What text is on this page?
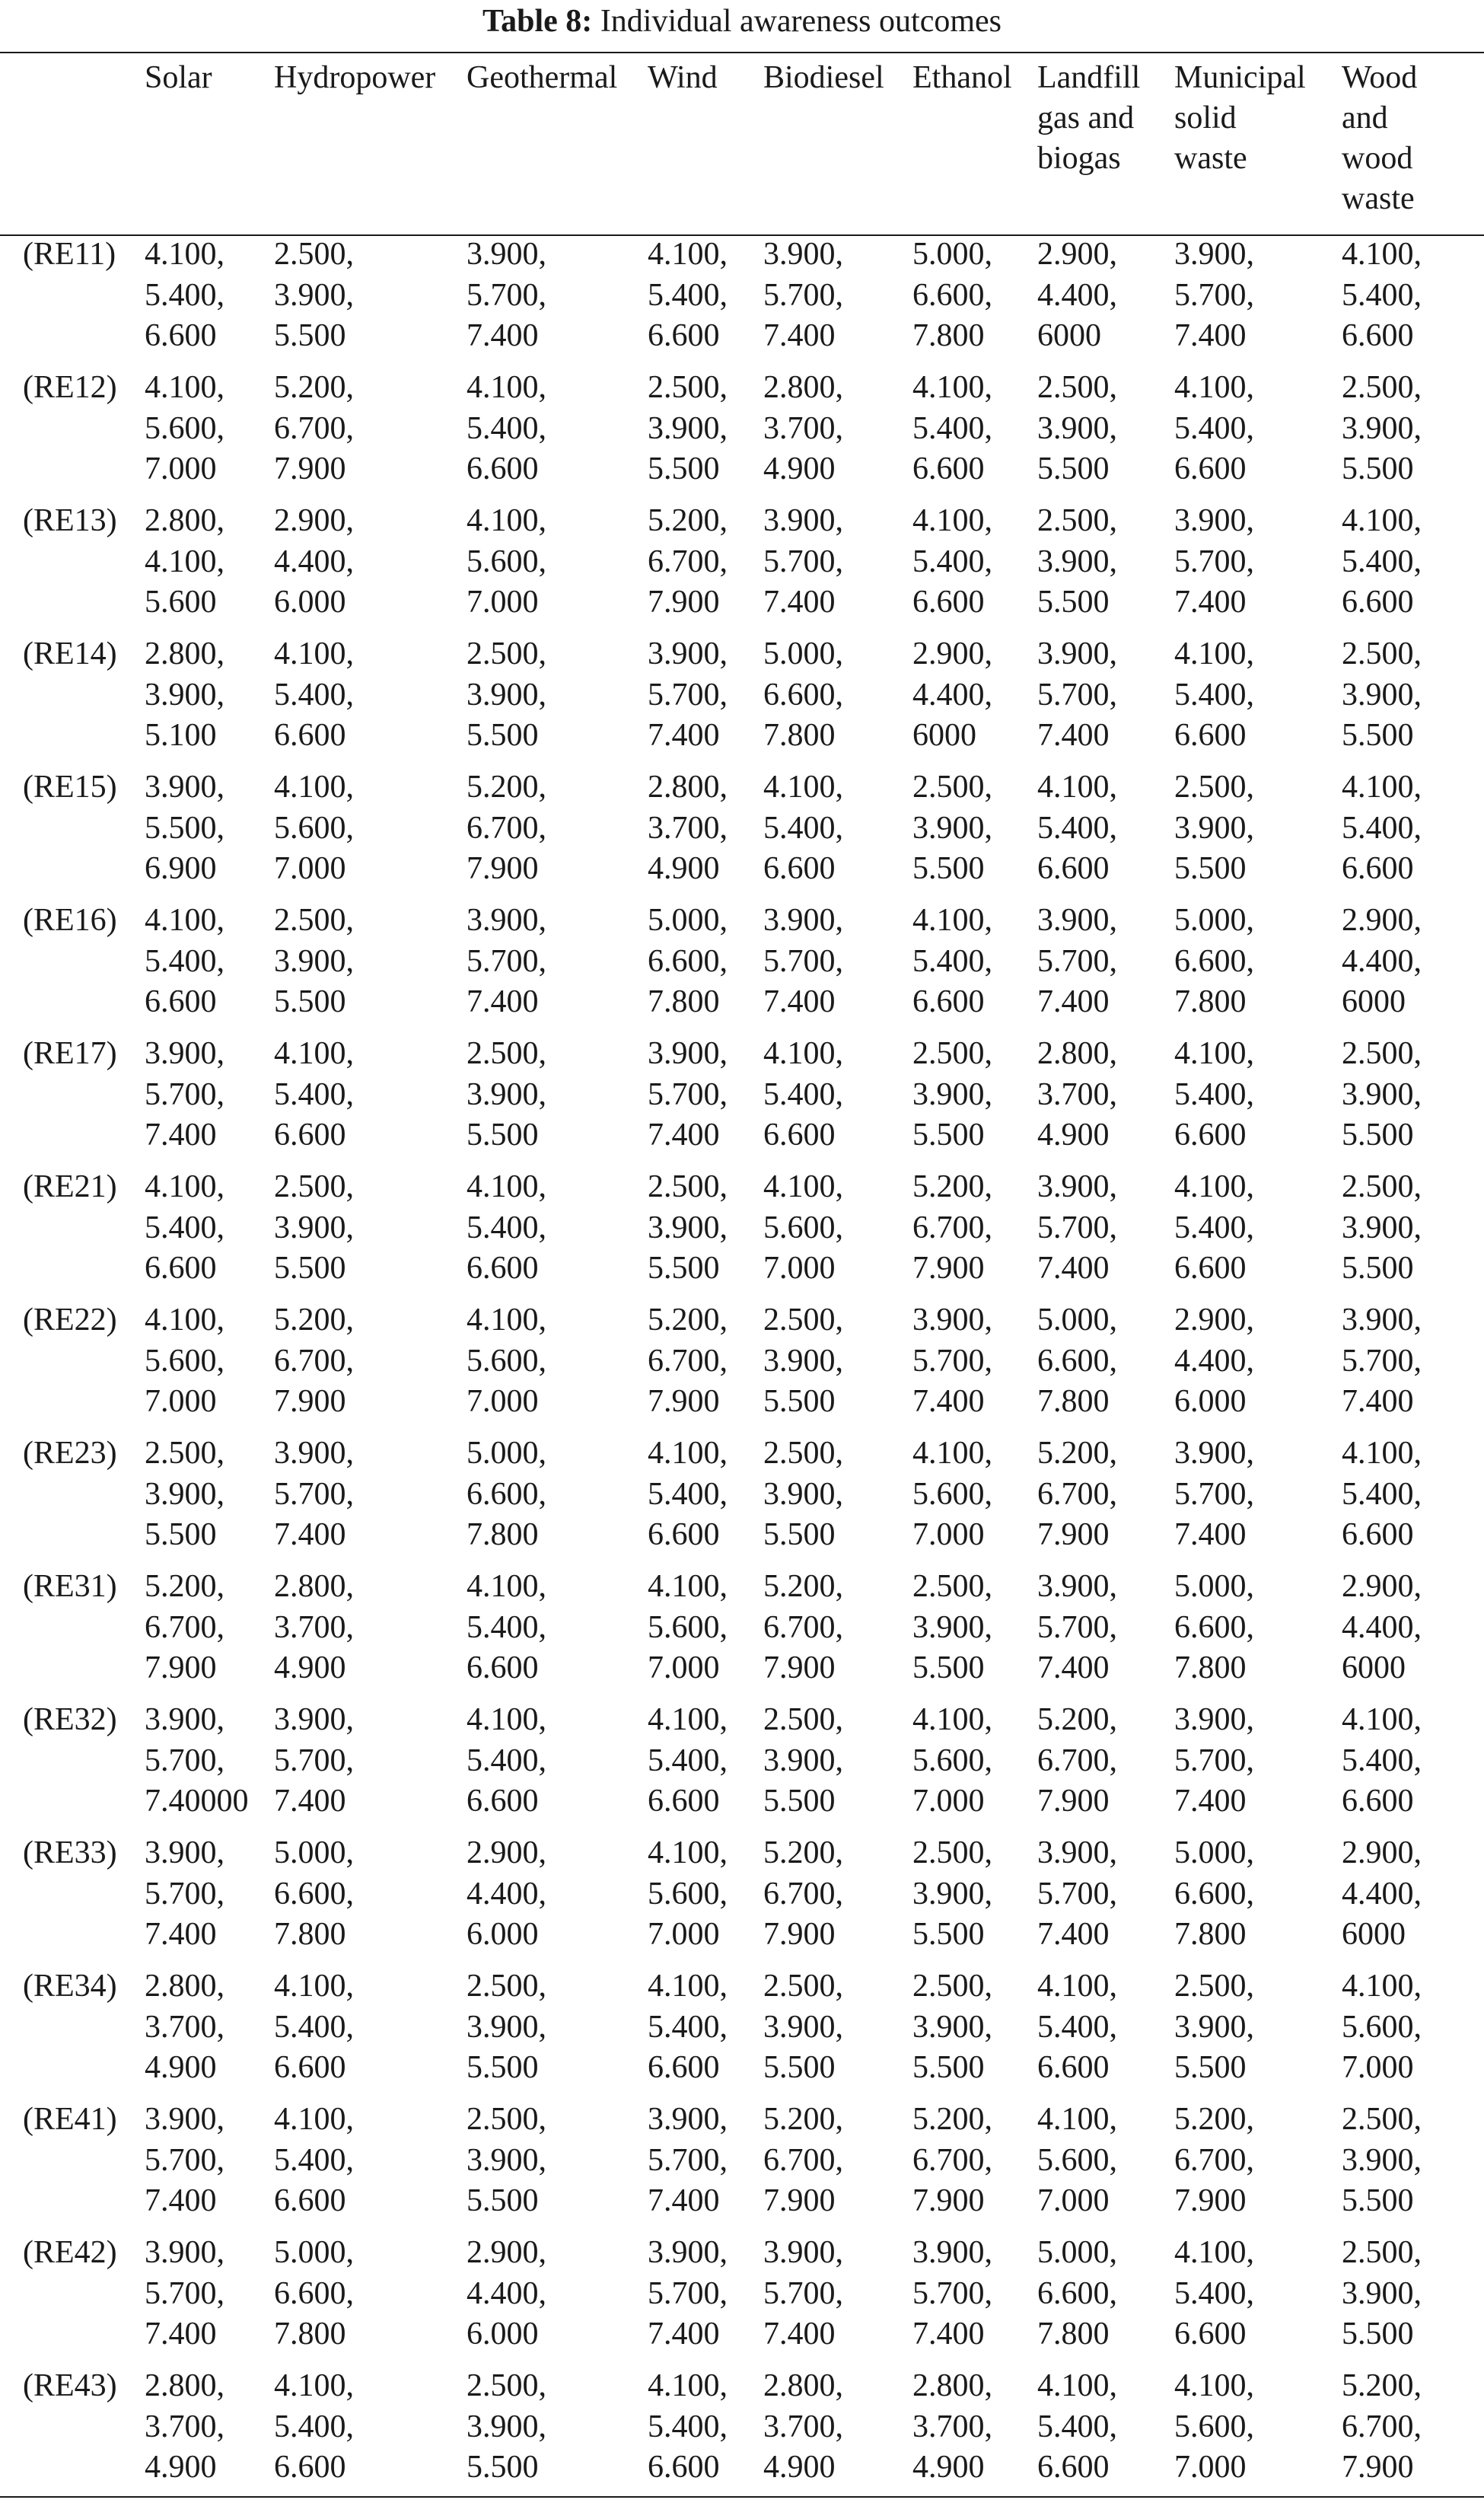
Table 8: Individual awareness outcomes

	Solar	Hydropower	Geothermal	Wind	Biodiesel	Ethanol	Landfill
gas and
biogas	Municipal
solid
waste	Wood
and
wood
waste

(RE11)	4.100,
5.400,
6.600	2.500,
3.900,
5.500	3.900,
5.700,
7.400	4.100,
5.400,
6.600	3.900,
5.700,
7.400	5.000,
6.600,
7.800	2.900,
4.400,
6000	3.900,
5.700,
7.400	4.100,
5.400,
6.600

(RE12)	4.100,
5.600,
7.000	5.200,
6.700,
7.900	4.100,
5.400,
6.600	2.500,
3.900,
5.500	2.800,
3.700,
4.900	4.100,
5.400,
6.600	2.500,
3.900,
5.500	4.100,
5.400,
6.600	2.500,
3.900,
5.500

(RE13)	2.800,
4.100,
5.600	2.900,
4.400,
6.000	4.100,
5.600,
7.000	5.200,
6.700,
7.900	3.900,
5.700,
7.400	4.100,
5.400,
6.600	2.500,
3.900,
5.500	3.900,
5.700,
7.400	4.100,
5.400,
6.600

(RE14)	2.800,
3.900,
5.100	4.100,
5.400,
6.600	2.500,
3.900,
5.500	3.900,
5.700,
7.400	5.000,
6.600,
7.800	2.900,
4.400,
6000	3.900,
5.700,
7.400	4.100,
5.400,
6.600	2.500,
3.900,
5.500

(RE15)	3.900,
5.500,
6.900	4.100,
5.600,
7.000	5.200,
6.700,
7.900	2.800,
3.700,
4.900	4.100,
5.400,
6.600	2.500,
3.900,
5.500	4.100,
5.400,
6.600	2.500,
3.900,
5.500	4.100,
5.400,
6.600

(RE16)	4.100,
5.400,
6.600	2.500,
3.900,
5.500	3.900,
5.700,
7.400	5.000,
6.600,
7.800	3.900,
5.700,
7.400	4.100,
5.400,
6.600	3.900,
5.700,
7.400	5.000,
6.600,
7.800	2.900,
4.400,
6000

(RE17)	3.900,
5.700,
7.400	4.100,
5.400,
6.600	2.500,
3.900,
5.500	3.900,
5.700,
7.400	4.100,
5.400,
6.600	2.500,
3.900,
5.500	2.800,
3.700,
4.900	4.100,
5.400,
6.600	2.500,
3.900,
5.500

(RE21)	4.100,
5.400,
6.600	2.500,
3.900,
5.500	4.100,
5.400,
6.600	2.500,
3.900,
5.500	4.100,
5.600,
7.000	5.200,
6.700,
7.900	3.900,
5.700,
7.400	4.100,
5.400,
6.600	2.500,
3.900,
5.500

(RE22)	4.100,
5.600,
7.000	5.200,
6.700,
7.900	4.100,
5.600,
7.000	5.200,
6.700,
7.900	2.500,
3.900,
5.500	3.900,
5.700,
7.400	5.000,
6.600,
7.800	2.900,
4.400,
6.000	3.900,
5.700,
7.400

(RE23)	2.500,
3.900,
5.500	3.900,
5.700,
7.400	5.000,
6.600,
7.800	4.100,
5.400,
6.600	2.500,
3.900,
5.500	4.100,
5.600,
7.000	5.200,
6.700,
7.900	3.900,
5.700,
7.400	4.100,
5.400,
6.600

(RE31)	5.200,
6.700,
7.900	2.800,
3.700,
4.900	4.100,
5.400,
6.600	4.100,
5.600,
7.000	5.200,
6.700,
7.900	2.500,
3.900,
5.500	3.900,
5.700,
7.400	5.000,
6.600,
7.800	2.900,
4.400,
6000

(RE32)	3.900,
5.700,
7.40000	3.900,
5.700,
7.400	4.100,
5.400,
6.600	4.100,
5.400,
6.600	2.500,
3.900,
5.500	4.100,
5.600,
7.000	5.200,
6.700,
7.900	3.900,
5.700,
7.400	4.100,
5.400,
6.600

(RE33)	3.900,
5.700,
7.400	5.000,
6.600,
7.800	2.900,
4.400,
6.000	4.100,
5.600,
7.000	5.200,
6.700,
7.900	2.500,
3.900,
5.500	3.900,
5.700,
7.400	5.000,
6.600,
7.800	2.900,
4.400,
6000

(RE34)	2.800,
3.700,
4.900	4.100,
5.400,
6.600	2.500,
3.900,
5.500	4.100,
5.400,
6.600	2.500,
3.900,
5.500	2.500,
3.900,
5.500	4.100,
5.400,
6.600	2.500,
3.900,
5.500	4.100,
5.600,
7.000

(RE41)	3.900,
5.700,
7.400	4.100,
5.400,
6.600	2.500,
3.900,
5.500	3.900,
5.700,
7.400	5.200,
6.700,
7.900	5.200,
6.700,
7.900	4.100,
5.600,
7.000	5.200,
6.700,
7.900	2.500,
3.900,
5.500

(RE42)	3.900,
5.700,
7.400	5.000,
6.600,
7.800	2.900,
4.400,
6.000	3.900,
5.700,
7.400	3.900,
5.700,
7.400	3.900,
5.700,
7.400	5.000,
6.600,
7.800	4.100,
5.400,
6.600	2.500,
3.900,
5.500

(RE43)	2.800,
3.700,
4.900	4.100,
5.400,
6.600	2.500,
3.900,
5.500	4.100,
5.400,
6.600	2.800,
3.700,
4.900	2.800,
3.700,
4.900	4.100,
5.400,
6.600	4.100,
5.600,
7.000	5.200,
6.700,
7.900
